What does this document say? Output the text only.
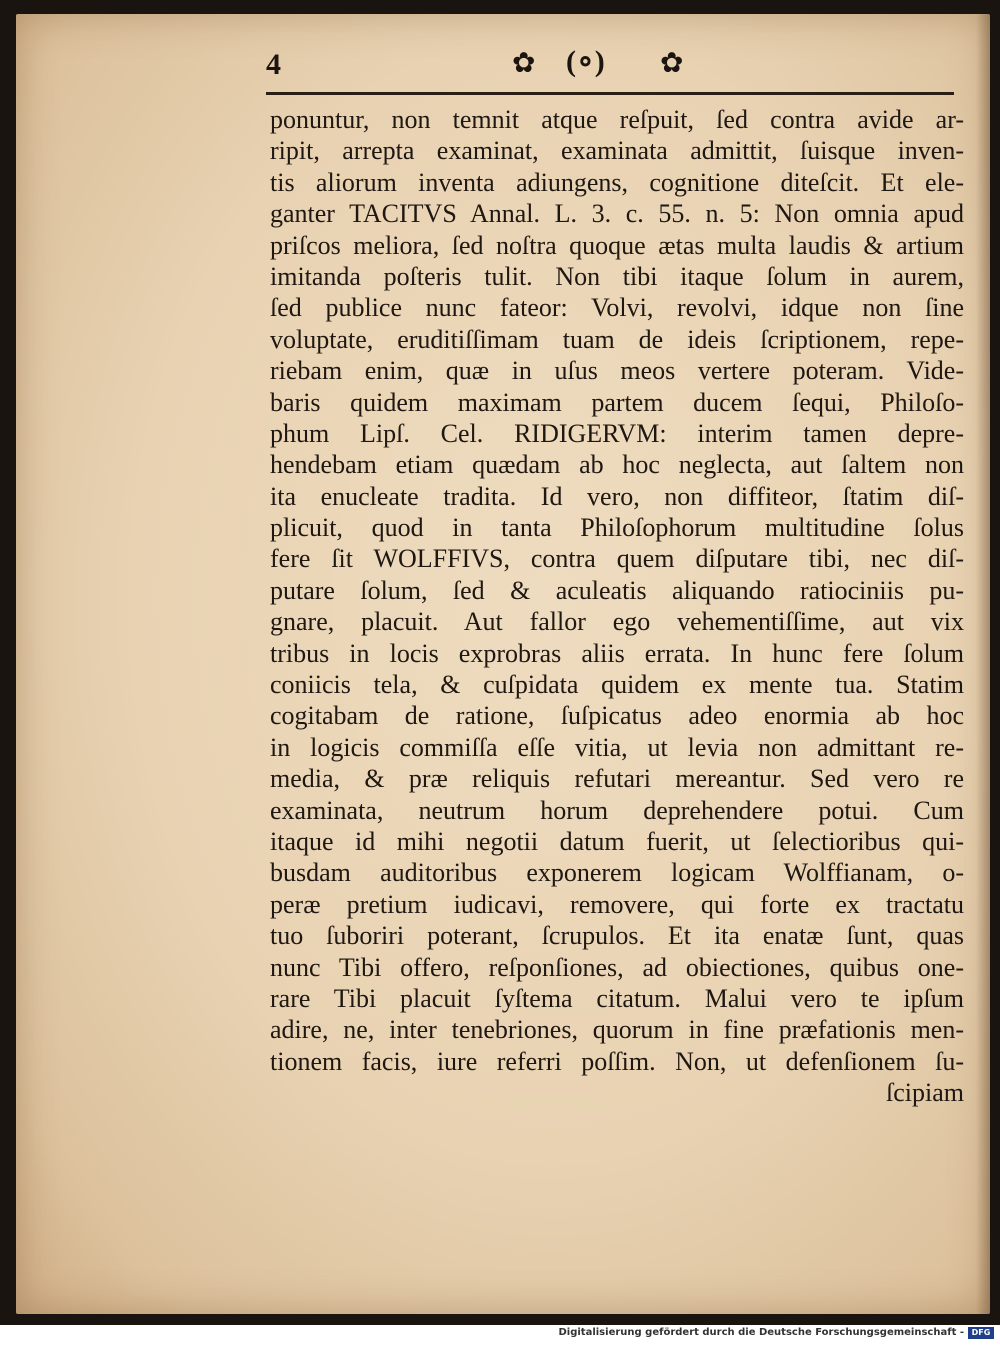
4	✿ (∘) ✿
ponuntur, non temnit atque reſpuit, ſed contra avide ar-
ripit, arrepta examinat, examinata admittit, ſuisque inven-
tis aliorum inventa adiungens, cognitione diteſcit. Et ele-
ganter TACITVS Annal. L. 3. c. 55. n. 5: Non omnia apud
priſcos meliora, ſed noſtra quoque ætas multa laudis & artium
imitanda poſteris tulit. Non tibi itaque ſolum in aurem,
ſed publice nunc fateor: Volvi, revolvi, idque non ſine
voluptate, eruditiſſimam tuam de ideis ſcriptionem, repe-
riebam enim, quæ in uſus meos vertere poteram. Vide-
baris quidem maximam partem ducem ſequi, Philoſo-
phum Lipſ. Cel. RIDIGERVM: interim tamen depre-
hendebam etiam quædam ab hoc neglecta, aut ſaltem non
ita enucleate tradita. Id vero, non diffiteor, ſtatim diſ-
plicuit, quod in tanta Philoſophorum multitudine ſolus
fere ſit WOLFFIVS, contra quem diſputare tibi, nec diſ-
putare ſolum, ſed & aculeatis aliquando ratiociniis pu-
gnare, placuit. Aut fallor ego vehementiſſime, aut vix
tribus in locis exprobras aliis errata. In hunc fere ſolum
coniicis tela, & cuſpidata quidem ex mente tua. Statim
cogitabam de ratione, ſuſpicatus adeo enormia ab hoc
in logicis commiſſa eſſe vitia, ut levia non admittant re-
media, & præ reliquis refutari mereantur. Sed vero re
examinata, neutrum horum deprehendere potui. Cum
itaque id mihi negotii datum fuerit, ut ſelectioribus qui-
busdam auditoribus exponerem logicam Wolffianam, o-
peræ pretium iudicavi, removere, qui forte ex tractatu
tuo ſuboriri poterant, ſcrupulos. Et ita enatæ ſunt, quas
nunc Tibi offero, reſponſiones, ad obiectiones, quibus one-
rare Tibi placuit ſyſtema citatum. Malui vero te ipſum
adire, ne, inter tenebriones, quorum in fine præfationis men-
tionem facis, iure referri poſſim. Non, ut defenſionem ſu-
ſcipiam
Digitalisierung gefördert durch die Deutsche Forschungsgemeinschaft - DFG
